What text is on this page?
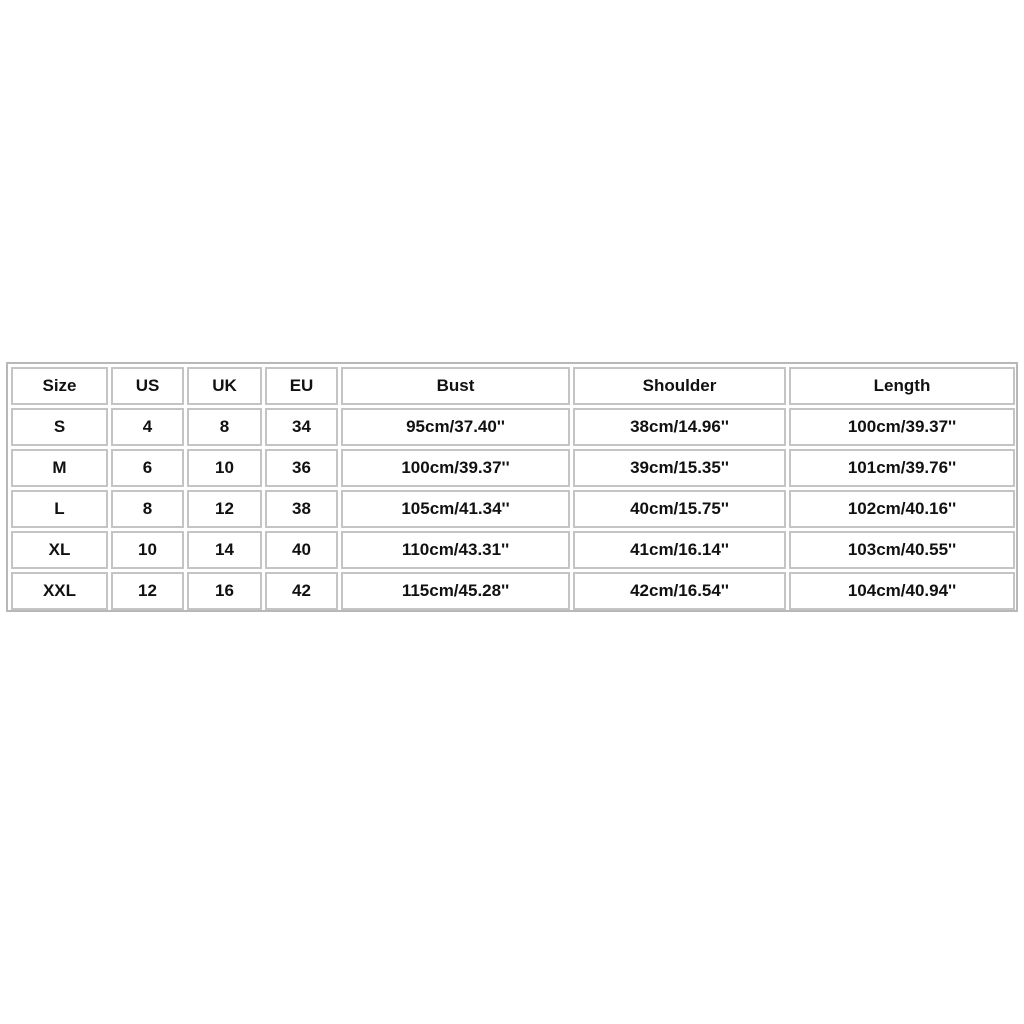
Size	US	UK	EU	Bust	Shoulder	Length
S	4	8	34	95cm/37.40''	38cm/14.96''	100cm/39.37''
M	6	10	36	100cm/39.37''	39cm/15.35''	101cm/39.76''
L	8	12	38	105cm/41.34''	40cm/15.75''	102cm/40.16''
XL	10	14	40	110cm/43.31''	41cm/16.14''	103cm/40.55''
XXL	12	16	42	115cm/45.28''	42cm/16.54''	104cm/40.94''
